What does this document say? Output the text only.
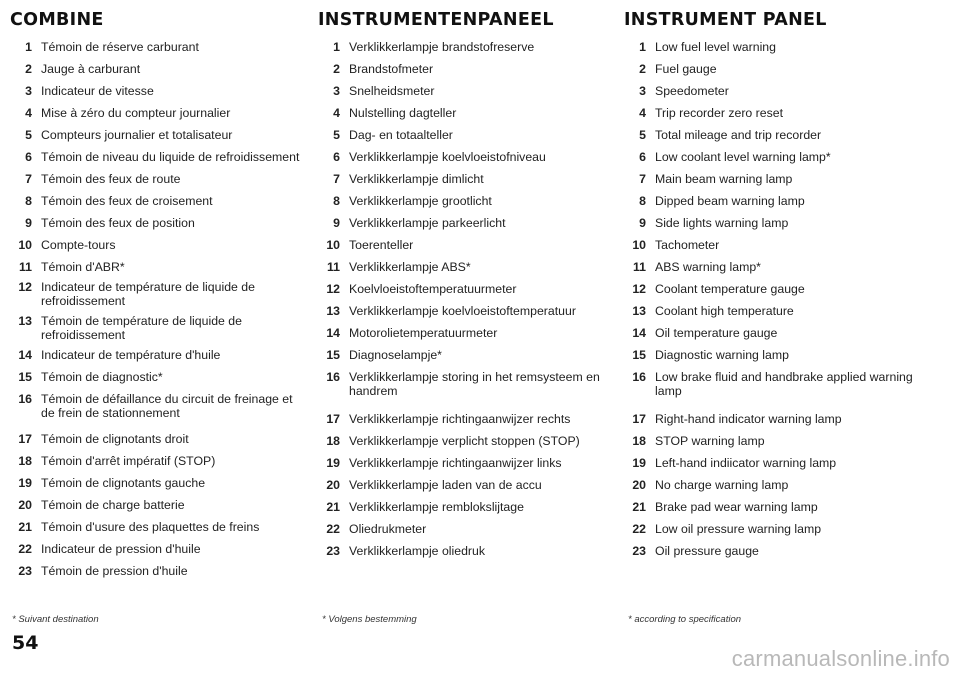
COMBINE
1 Témoin de réserve carburant
2 Jauge à carburant
3 Indicateur de vitesse
4 Mise à zéro du compteur journalier
5 Compteurs journalier et totalisateur
6 Témoin de niveau du liquide de refroidissement
7 Témoin des feux de route
8 Témoin des feux de croisement
9 Témoin des feux de position
10 Compte-tours
11 Témoin d'ABR*
12 Indicateur de température de liquide de refroidissement
13 Témoin de température de liquide de refroidissement
14 Indicateur de température d'huile
15 Témoin de diagnostic*
16 Témoin de défaillance du circuit de freinage et de frein de stationnement
17 Témoin de clignotants droit
18 Témoin d'arrêt impératif (STOP)
19 Témoin de clignotants gauche
20 Témoin de charge batterie
21 Témoin d'usure des plaquettes de freins
22 Indicateur de pression d'huile
23 Témoin de pression d'huile
INSTRUMENTENPANEEL
1 Verklikkerlampje brandstofreserve
2 Brandstofmeter
3 Snelheidsmeter
4 Nulstelling dagteller
5 Dag- en totaalteller
6 Verklikkerlampje koelvloeistofniveau
7 Verklikkerlampje dimlicht
8 Verklikkerlampje grootlicht
9 Verklikkerlampje parkeerlicht
10 Toerenteller
11 Verklikkerlampje ABS*
12 Koelvloeistoftemperatuurmeter
13 Verklikkerlampje koelvloeistoftemperatuur
14 Motorolietemperatuurmeter
15 Diagnoselampje*
16 Verklikkerlampje storing in het remsysteem en handrem
17 Verklikkerlampje richtingaanwijzer rechts
18 Verklikkerlampje verplicht stoppen (STOP)
19 Verklikkerlampje richtingaanwijzer links
20 Verklikkerlampje laden van de accu
21 Verklikkerlampje remblokslijtage
22 Oliedrukmeter
23 Verklikkerlampje oliedruk
INSTRUMENT PANEL
1 Low fuel level warning
2 Fuel gauge
3 Speedometer
4 Trip recorder zero reset
5 Total mileage and trip recorder
6 Low coolant level warning lamp*
7 Main beam warning lamp
8 Dipped beam warning lamp
9 Side lights warning lamp
10 Tachometer
11 ABS warning lamp*
12 Coolant temperature gauge
13 Coolant high temperature
14 Oil temperature gauge
15 Diagnostic warning lamp
16 Low brake fluid and handbrake applied warning lamp
17 Right-hand indicator warning lamp
18 STOP warning lamp
19 Left-hand indiicator warning lamp
20 No charge warning lamp
21 Brake pad wear warning lamp
22 Low oil pressure warning lamp
23 Oil pressure gauge
* Suivant destination	* Volgens bestemming	* according to specification
54
carmanualsonline.info
